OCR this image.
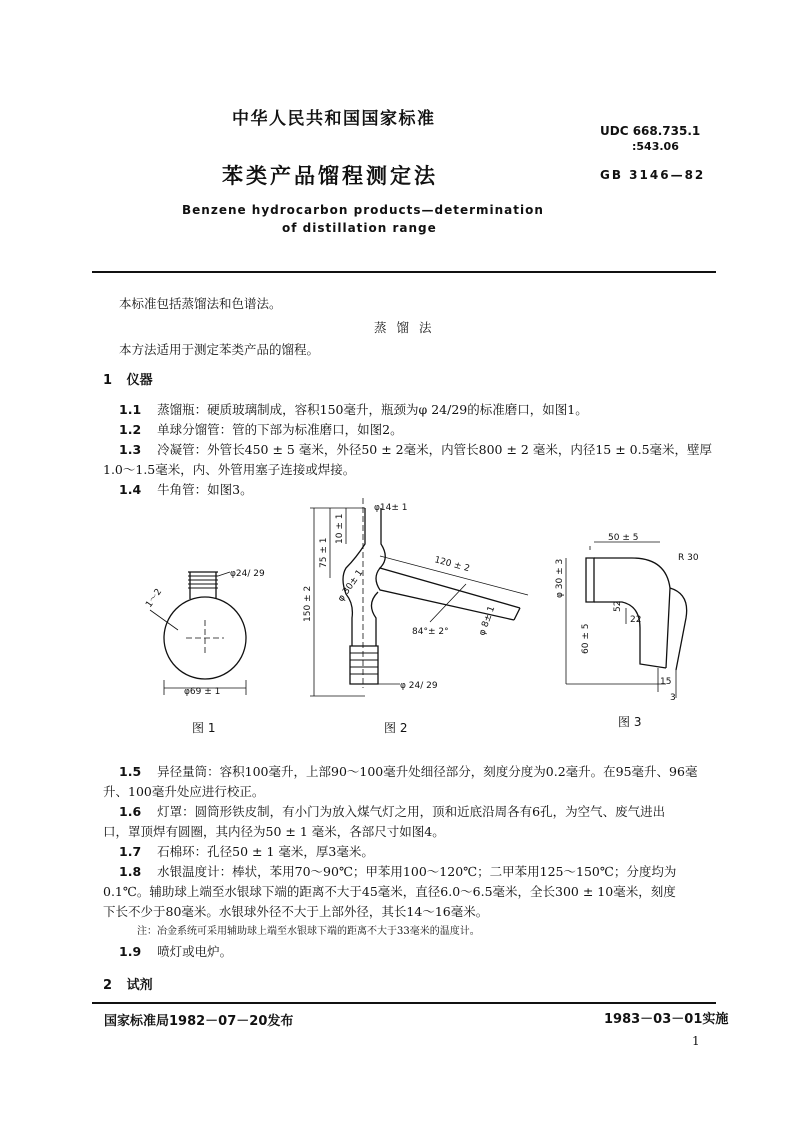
中华人民共和国国家标准
UDC 668.735.1
:543.06
苯类产品馏程测定法	GB 3146—82
Benzene hydrocarbon products—determination
of distillation range
本标准包括蒸馏法和色谱法。
蒸 馏 法
本方法适用于测定苯类产品的馏程。
1 仪器
1.1 蒸馏瓶：硬质玻璃制成，容积150毫升，瓶颈为φ 24/29的标准磨口，如图1。
1.2 单球分馏管：管的下部为标准磨口，如图2。
1.3 冷凝管：外管长450 ± 5 毫米，外径50 ± 2毫米，内管长800 ± 2 毫米，内径15 ± 0.5毫米，壁厚
1.0～1.5毫米，内、外管用塞子连接或焊接。
1.4 牛角管：如图3。
φ24/ 29
1～2
φ69 ± 1
图 1
φ14± 1
75 ± 1
10 ± 1
150 ± 2	φ 30± 1
120 ± 2
84°± 2°	φ 8± 1
φ 24/ 29
图 2
50 ± 5
R 30
φ 30 ± 3
52
22
60 ± 5
15
3
图 3
1.5 异径量筒：容积100毫升，上部90～100毫升处细径部分，刻度分度为0.2毫升。在95毫升、96毫
升、100毫升处应进行校正。
1.6 灯罩：圆筒形铁皮制，有小门为放入煤气灯之用，顶和近底沿周各有6孔，为空气、废气进出
口，罩顶焊有圆圈，其内径为50 ± 1 毫米，各部尺寸如图4。
1.7 石棉环：孔径50 ± 1 毫米，厚3毫米。
1.8 水银温度计：棒状，苯用70～90℃；甲苯用100～120℃；二甲苯用125～150℃；分度均为
0.1℃。辅助球上端至水银球下端的距离不大于45毫米，直径6.0～6.5毫米，全长300 ± 10毫米，刻度
下长不少于80毫米。水银球外径不大于上部外径，其长14～16毫米。
注：冶金系统可采用辅助球上端至水银球下端的距离不大于33毫米的温度计。
1.9 喷灯或电炉。
2 试剂
国家标准局1982－07－20发布	1983－03－01实施
1
